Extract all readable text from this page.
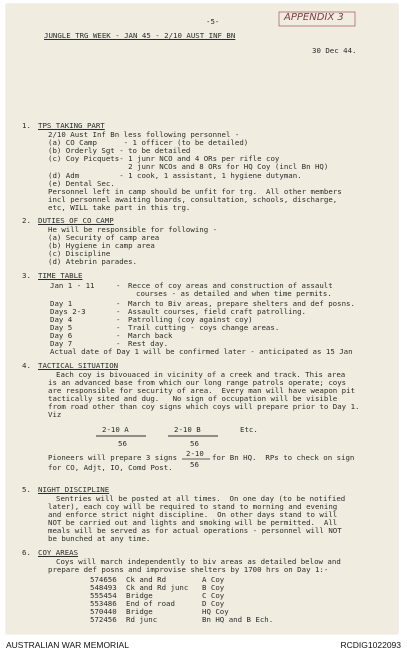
-5-	APPENDIX 3
JUNGLE TRG WEEK - JAN 45 - 2/10 AUST INF BN
30 Dec 44.
1. TPS TAKING PART
2/10 Aust Inf Bn less following personnel -
(a) CO Camp      - 1 officer (to be detailed)
(b) Orderly Sgt - to be detailed
(c) Coy Picquets- 1 junr NCO and 4 ORs per rifle coy
2 junr NCOs and 8 ORs for HQ Coy (incl Bn HQ)
(d) Adm         - 1 cook, 1 assistant, 1 hygiene dutyman.
(e) Dental Sec.
Personnel left in camp should be unfit for trg.  All other members
incl personnel awaiting boards, consultation, schools, discharge,
etc, WILL take part in this trg.
2. DUTIES OF CO CAMP
He will be responsible for following -
(a) Security of camp area
(b) Hygiene in camp area
(c) Discipline
(d) Atebrin parades.
3. TIME TABLE
Jan 1 - 11	- Recce of coy areas and construction of assault
courses - as detailed and when time permits.
Day 1	- March to Biv areas, prepare shelters and def posns.
Days 2-3	- Assault courses, field craft patrolling.
Day 4	- Patrolling (coy against coy)
Day 5	- Trail cutting - coys change areas.
Day 6	- March back
Day 7	- Rest day.
Actual date of Day 1 will be confirmed later - anticipated as 15 Jan
4. TACTICAL SITUATION
Each coy is bivouaced in vicinity of a creek and track. This area
is an advanced base from which our long range patrols operate; coys
are responsible for security of area.  Every man will have weapon pit
tactically sited and dug.   No sign of occupation will be visible
from road other than coy signs which coys will prepare prior to Day 1.
Viz
2-10 A
56
2-10 B
56
Etc.
Pioneers will prepare 3 signs 2-10
56
for Bn HQ.  RPs to check on sign
for CO, Adjt, IO, Comd Post.
5. NIGHT DISCIPLINE
Sentries will be posted at all times.  On one day (to be notified
later), each coy will be required to stand to morning and evening
and enforce strict night discipline.  On other days stand to will
NOT be carried out and lights and smoking will be permitted.  All
meals will be served as for actual operations - personnel will NOT
be bunched at any time.
6. COY AREAS
Coys will march independently to biv areas as detailed below and
prepare def posns and improvise shelters by 1700 hrs on Day 1:-
574656 Ck and Rd	A Coy
548493 Ck and Rd junc B Coy
555454 Bridge	C Coy
553486 End of road	D Coy
570440 Bridge	HQ Coy
572456 Rd junc	Bn HQ and B Ech.
AUSTRALIAN WAR MEMORIAL	RCDIG1022093
